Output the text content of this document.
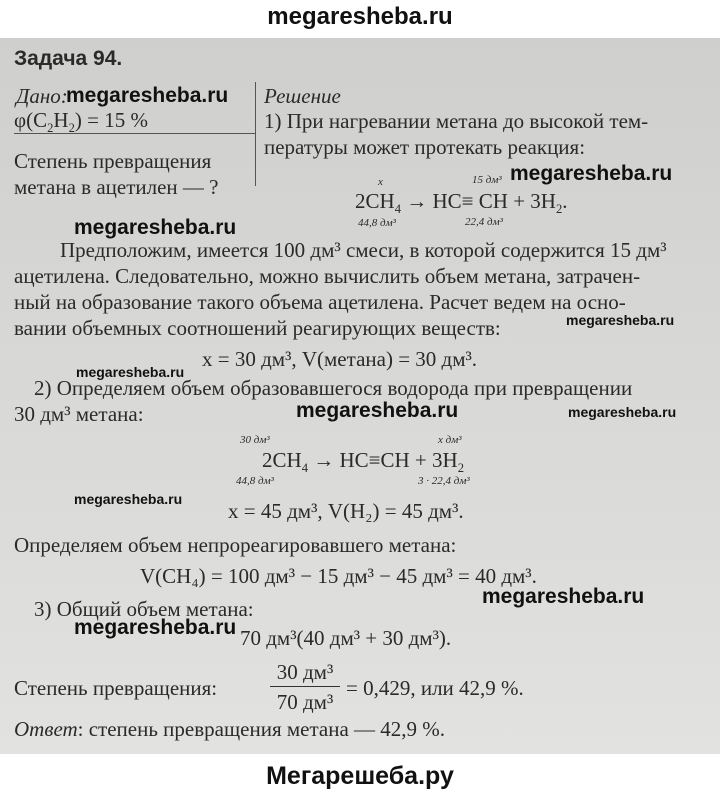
megaresheba.ru
Задача 94.
Дано:
$\varphi(C_2H_2) = 15$ %
Степень превращения
метана в ацетилен — ?
Решение
1) При нагревании метана до высокой тем-
пературы может протекать реакция:
x	15 дм³
$2CH_4 \to HC\equiv$ CH + $3H_2$.
44,8 дм³	22,4 дм³
Предположим, имеется 100 дм³ смеси, в которой содержится 15 дм³
ацетилена. Следовательно, можно вычислить объем метана, затрачен-
ный на образование такого объема ацетилена. Расчет ведем на осно-
вании объемных соотношений реагирующих веществ:
x = 30 дм³, V(метана) = 30 дм³.
2) Определяем объем образовавшегося водорода при превращении
30 дм³ метана:
30 дм³	x дм³
$2CH_4 \to HC\equiv CH + 3H_2$
44,8 дм³	3 · 22,4 дм³
x = 45 дм³, V(H₂) = 45 дм³.
Определяем объем непрореагировавшего метана:
V(CH₄) = 100 дм³ − 15 дм³ − 45 дм³ = 40 дм³.
3) Общий объем метана:
70 дм³(40 дм³ + 30 дм³).
Степень превращения:
30 дм³
70 дм³
= 0,429, или 42,9 %.
Ответ: степень превращения метана — 42,9 %.
megaresheba.ru
megaresheba.ru
megaresheba.ru
megaresheba.ru
megaresheba.ru
megaresheba.ru	megaresheba.ru
megaresheba.ru
megaresheba.ru
megaresheba.ru
Мегарешеба.ру
